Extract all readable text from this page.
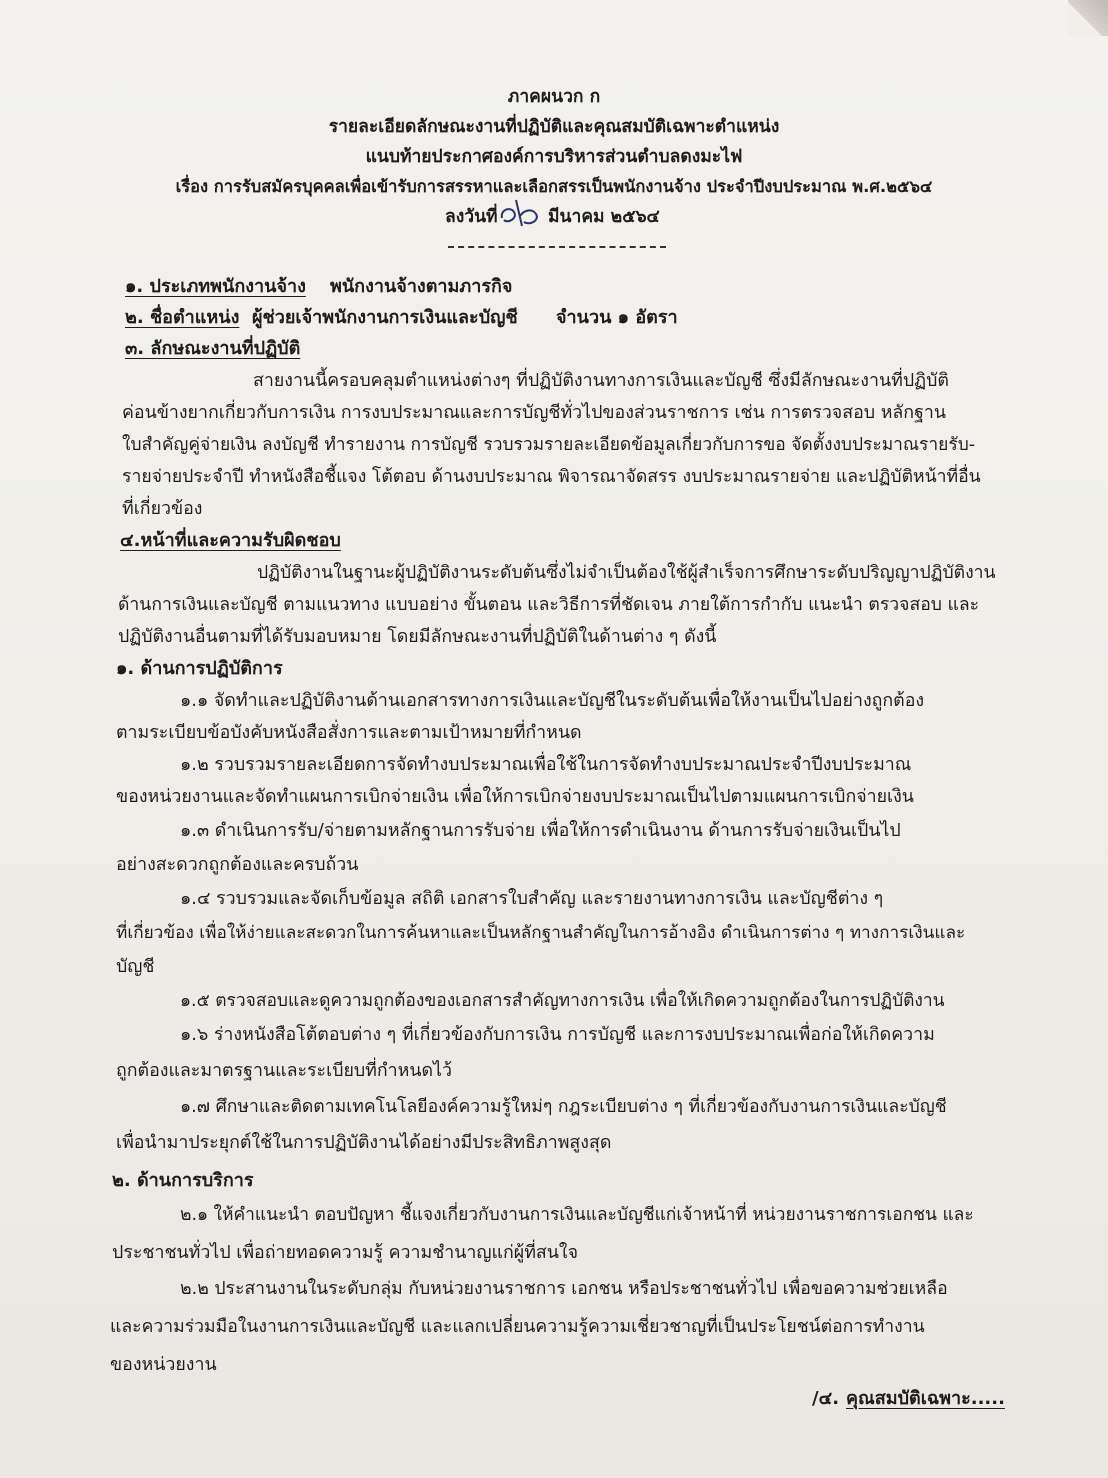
ภาคผนวก ก
รายละเอียดลักษณะงานที่ปฏิบัติและคุณสมบัติเฉพาะตำแหน่ง
แนบท้ายประกาศองค์การบริหารส่วนตำบลดงมะไฟ
เรื่อง การรับสมัครบุคคลเพื่อเข้ารับการสรรหาและเลือกสรรเป็นพนักงานจ้าง ประจำปีงบประมาณ พ.ศ.๒๕๖๔
ลงวันที่	มีนาคม ๒๕๖๔
๑. ประเภทพนักงานจ้าง พนักงานจ้างตามภารกิจ
๒. ชื่อตำแหน่ง ผู้ช่วยเจ้าพนักงานการเงินและบัญชี จำนวน ๑ อัตรา
๓. ลักษณะงานที่ปฏิบัติ
สายงานนี้ครอบคลุมตำแหน่งต่างๆ ที่ปฏิบัติงานทางการเงินและบัญชี ซึ่งมีลักษณะงานที่ปฏิบัติ
ค่อนข้างยากเกี่ยวกับการเงิน การงบประมาณและการบัญชีทั่วไปของส่วนราชการ เช่น การตรวจสอบ หลักฐาน
ใบสำคัญคู่จ่ายเงิน ลงบัญชี ทำรายงาน การบัญชี รวบรวมรายละเอียดข้อมูลเกี่ยวกับการขอ จัดตั้งงบประมาณรายรับ-
รายจ่ายประจำปี ทำหนังสือชี้แจง โต้ตอบ ด้านงบประมาณ พิจารณาจัดสรร งบประมาณรายจ่าย และปฏิบัติหน้าที่อื่น
ที่เกี่ยวข้อง
๔.หน้าที่และความรับผิดชอบ
ปฏิบัติงานในฐานะผู้ปฏิบัติงานระดับต้นซึ่งไม่จำเป็นต้องใช้ผู้สำเร็จการศึกษาระดับปริญญาปฏิบัติงาน
ด้านการเงินและบัญชี ตามแนวทาง แบบอย่าง ขั้นตอน และวิธีการที่ชัดเจน ภายใต้การกำกับ แนะนำ ตรวจสอบ และ
ปฏิบัติงานอื่นตามที่ได้รับมอบหมาย โดยมีลักษณะงานที่ปฏิบัติในด้านต่าง ๆ ดังนี้
๑. ด้านการปฏิบัติการ
๑.๑ จัดทำและปฏิบัติงานด้านเอกสารทางการเงินและบัญชีในระดับต้นเพื่อให้งานเป็นไปอย่างถูกต้อง
ตามระเบียบข้อบังคับหนังสือสั่งการและตามเป้าหมายที่กำหนด
๑.๒ รวบรวมรายละเอียดการจัดทำงบประมาณเพื่อใช้ในการจัดทำงบประมาณประจำปีงบประมาณ
ของหน่วยงานและจัดทำแผนการเบิกจ่ายเงิน เพื่อให้การเบิกจ่ายงบประมาณเป็นไปตามแผนการเบิกจ่ายเงิน
๑.๓ ดำเนินการรับ/จ่ายตามหลักฐานการรับจ่าย เพื่อให้การดำเนินงาน ด้านการรับจ่ายเงินเป็นไป
อย่างสะดวกถูกต้องและครบถ้วน
๑.๔ รวบรวมและจัดเก็บข้อมูล สถิติ เอกสารใบสำคัญ และรายงานทางการเงิน และบัญชีต่าง ๆ
ที่เกี่ยวข้อง เพื่อให้ง่ายและสะดวกในการค้นหาและเป็นหลักฐานสำคัญในการอ้างอิง ดำเนินการต่าง ๆ ทางการเงินและ
บัญชี
๑.๕ ตรวจสอบและดูความถูกต้องของเอกสารสำคัญทางการเงิน เพื่อให้เกิดความถูกต้องในการปฏิบัติงาน
๑.๖ ร่างหนังสือโต้ตอบต่าง ๆ ที่เกี่ยวข้องกับการเงิน การบัญชี และการงบประมาณเพื่อก่อให้เกิดความ
ถูกต้องและมาตรฐานและระเบียบที่กำหนดไว้
๑.๗ ศึกษาและติดตามเทคโนโลยีองค์ความรู้ใหม่ๆ กฎระเบียบต่าง ๆ ที่เกี่ยวข้องกับงานการเงินและบัญชี
เพื่อนำมาประยุกต์ใช้ในการปฏิบัติงานได้อย่างมีประสิทธิภาพสูงสุด
๒. ด้านการบริการ
๒.๑ ให้คำแนะนำ ตอบปัญหา ชี้แจงเกี่ยวกับงานการเงินและบัญชีแก่เจ้าหน้าที่ หน่วยงานราชการเอกชน และ
ประชาชนทั่วไป เพื่อถ่ายทอดความรู้ ความชำนาญแก่ผู้ที่สนใจ
๒.๒ ประสานงานในระดับกลุ่ม กับหน่วยงานราชการ เอกชน หรือประชาชนทั่วไป เพื่อขอความช่วยเหลือ
และความร่วมมือในงานการเงินและบัญชี และแลกเปลี่ยนความรู้ความเชี่ยวชาญที่เป็นประโยชน์ต่อการทำงาน
ของหน่วยงาน
/๔. คุณสมบัติเฉพาะ.....
